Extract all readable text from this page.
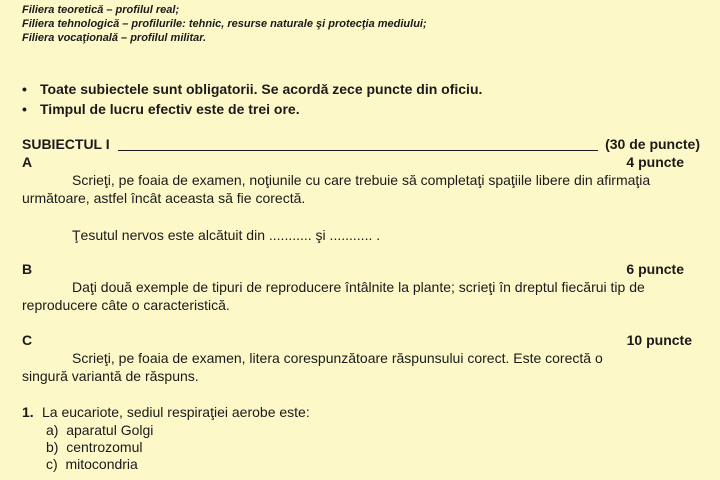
Filiera teoretică – profilul real;
Filiera tehnologică – profilurile: tehnic, resurse naturale şi protecţia mediului;
Filiera vocaţională – profilul militar.
• Toate subiectele sunt obligatorii. Se acordă zece puncte din oficiu.
• Timpul de lucru efectiv este de trei ore.
SUBIECTUL I	(30 de puncte)
A	4 puncte
Scrieţi, pe foaia de examen, noţiunile cu care trebuie să completaţi spaţiile libere din afirmaţia
următoare, astfel încât aceasta să fie corectă.
Ţesutul nervos este alcătuit din ........... şi ........... .
B	6 puncte
Daţi două exemple de tipuri de reproducere întâlnite la plante; scrieţi în dreptul fiecărui tip de
reproducere câte o caracteristică.
C	10 puncte
Scrieţi, pe foaia de examen, litera corespunzătoare răspunsului corect. Este corectă o
singură variantă de răspuns.
1. La eucariote, sediul respiraţiei aerobe este:
a) aparatul Golgi
b) centrozomul
c) mitocondria
